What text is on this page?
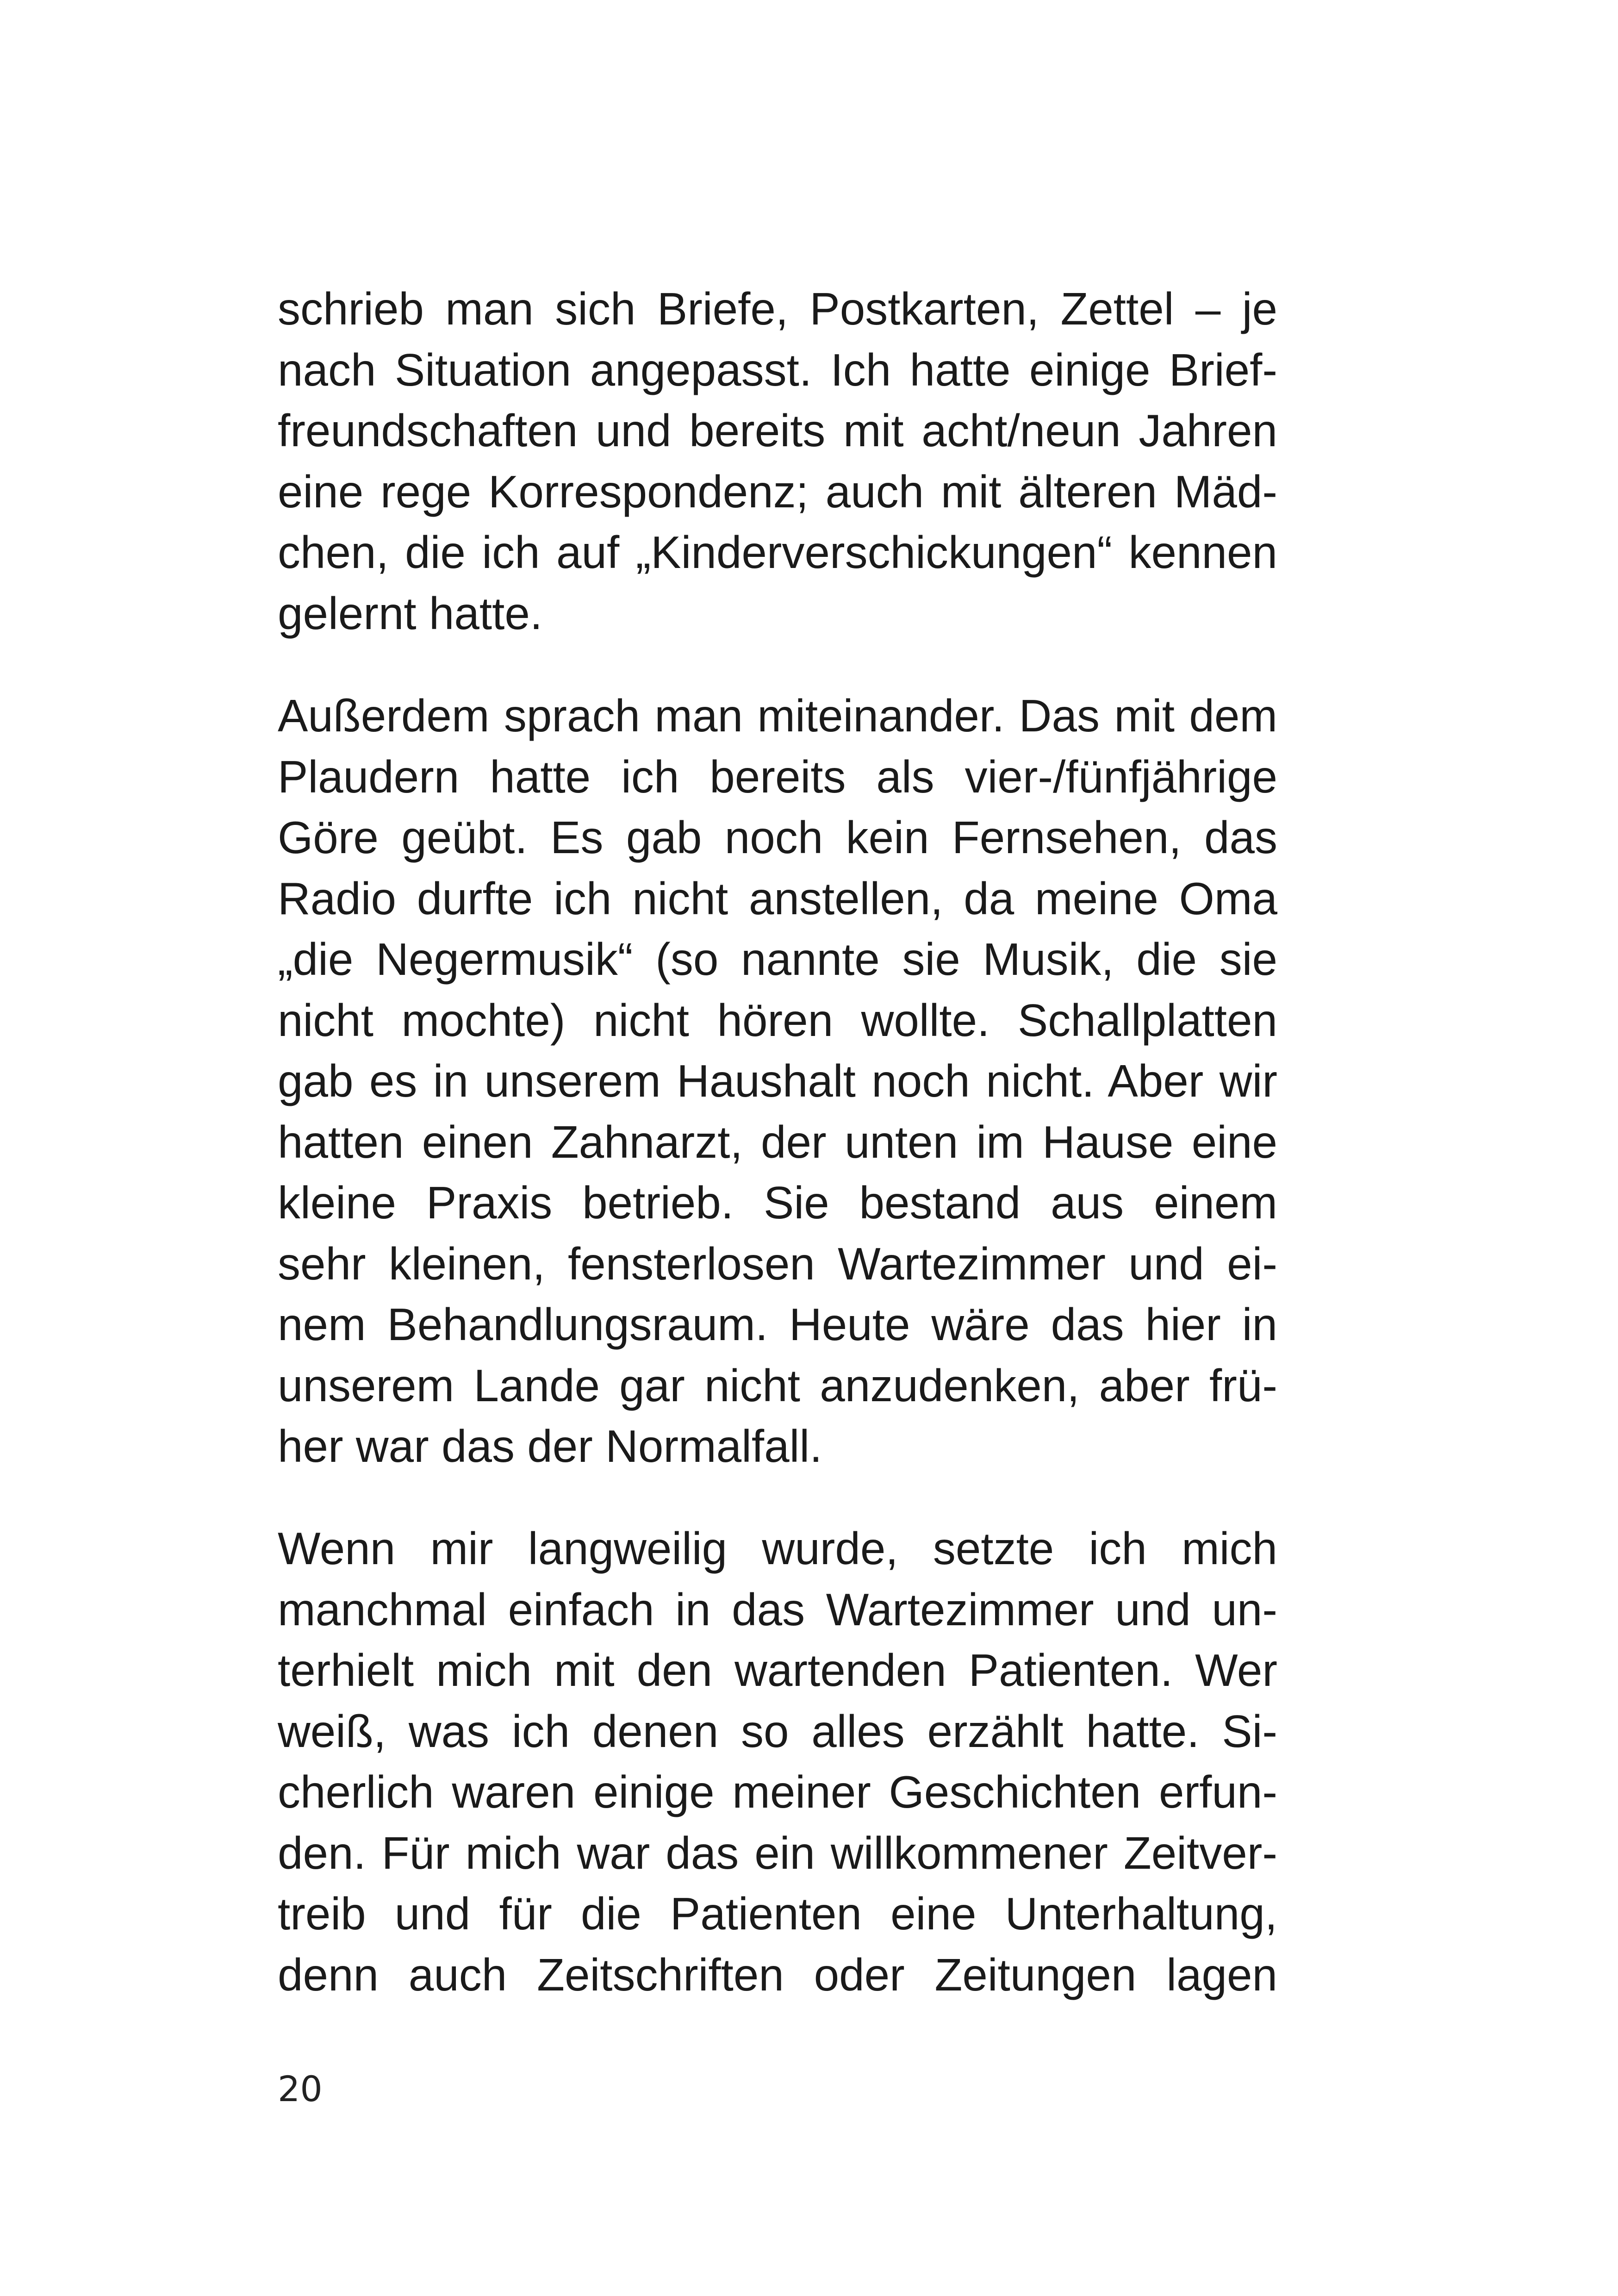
schrieb man sich Briefe, Postkarten, Zettel – je
nach Situation angepasst. Ich hatte einige Brief-
freundschaften und bereits mit acht/neun Jahren
eine rege Korrespondenz; auch mit älteren Mäd-
chen, die ich auf „Kinderverschickungen“ kennen
gelernt hatte.
Außerdem sprach man miteinander. Das mit dem
Plaudern hatte ich bereits als vier-/fünfjährige
Göre geübt. Es gab noch kein Fernsehen, das
Radio durfte ich nicht anstellen, da meine Oma
„die Negermusik“ (so nannte sie Musik, die sie
nicht mochte) nicht hören wollte. Schallplatten
gab es in unserem Haushalt noch nicht. Aber wir
hatten einen Zahnarzt, der unten im Hause eine
kleine Praxis betrieb. Sie bestand aus einem
sehr kleinen, fensterlosen Wartezimmer und ei-
nem Behandlungsraum. Heute wäre das hier in
unserem Lande gar nicht anzudenken, aber frü-
her war das der Normalfall.
Wenn mir langweilig wurde, setzte ich mich
manchmal einfach in das Wartezimmer und un-
terhielt mich mit den wartenden Patienten. Wer
weiß, was ich denen so alles erzählt hatte. Si-
cherlich waren einige meiner Geschichten erfun-
den. Für mich war das ein willkommener Zeitver-
treib und für die Patienten eine Unterhaltung,
denn auch Zeitschriften oder Zeitungen lagen
20
